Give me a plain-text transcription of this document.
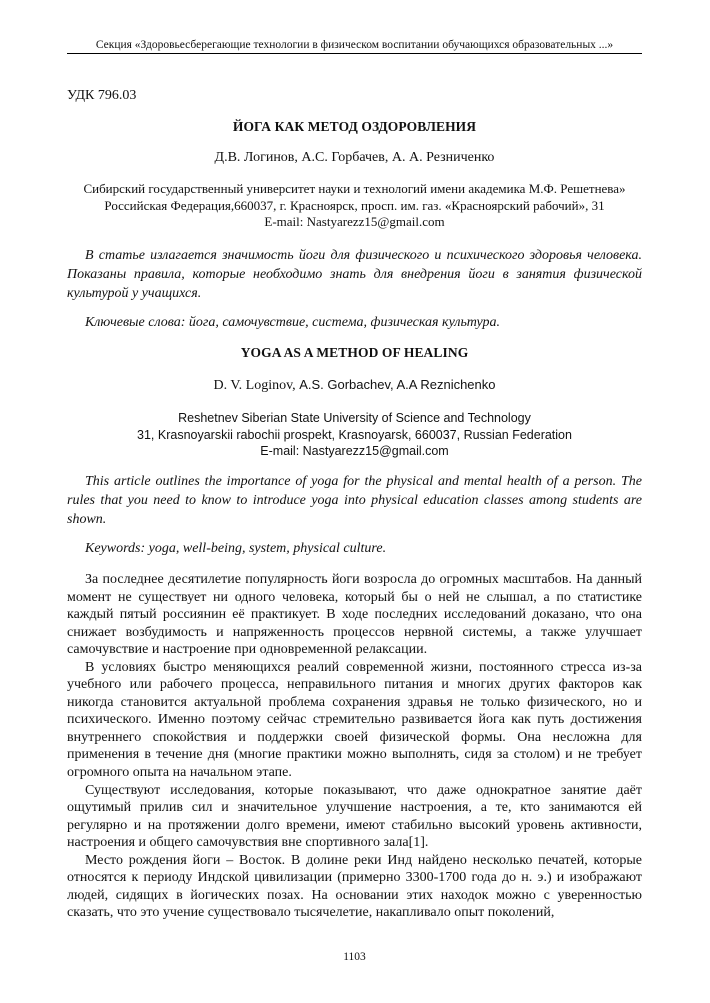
Секция «Здоровьесберегающие технологии в физическом воспитании обучающихся образовательных ...»
УДК 796.03
ЙОГА КАК МЕТОД ОЗДОРОВЛЕНИЯ
Д.В. Логинов, А.С. Горбачев, А. А. Резниченко
Сибирский государственный университет науки и технологий имени академика М.Ф. Решетнева»
Российская Федерация,660037, г. Красноярск, просп. им. газ. «Красноярский рабочий», 31
E-mail: Nastyarezz15@gmail.com

В статье излагается значимость йоги для физического и психического здоровья человека. Показаны правила, которые необходимо знать для внедрения йоги в занятия физической культурой у учащихся.

Ключевые слова: йога, самочувствие, система, физическая культура.

YOGA AS A METHOD OF HEALING
D. V. Loginov, A.S. Gorbachev, A.A Reznichenko
Reshetnev Siberian State University of Science and Technology
31, Krasnoyarskii rabochii prospekt, Krasnoyarsk, 660037, Russian Federation
E-mail: Nastyarezz15@gmail.com

This article outlines the importance of yoga for the physical and mental health of a person. The rules that you need to know to introduce yoga into physical education classes among students are shown.

Keywords: yoga, well-being, system, physical culture.

За последнее десятилетие популярность йоги возросла до огромных масштабов. На данный момент не существует ни одного человека, который бы о ней не слышал, а по статистике каждый пятый россиянин её практикует. В ходе последних исследований доказано, что она снижает возбудимость и напряженность процессов нервной системы, а также улучшает самочувствие и настроение при одновременной релаксации.

В условиях быстро меняющихся реалий современной жизни, постоянного стресса из-за учебного или рабочего процесса, неправильного питания и многих других факторов как никогда становится актуальной проблема сохранения здравья не только физического, но и психического. Именно поэтому сейчас стремительно развивается йога как путь достижения внутреннего спокойствия и поддержки своей физической формы. Она несложна для применения в течение дня (многие практики можно выполнять, сидя за столом) и не требует огромного опыта на начальном этапе.

Существуют исследования, которые показывают, что даже однократное занятие даёт ощутимый прилив сил и значительное улучшение настроения, а те, кто занимаются ей регулярно и на протяжении долго времени, имеют стабильно высокий уровень активности, настроения и общего самочувствия вне спортивного зала[1].

Место рождения йоги – Восток. В долине реки Инд найдено несколько печатей, которые относятся к периоду Индской цивилизации (примерно 3300-1700 года до н. э.) и изображают людей, сидящих в йогических позах. На основании этих находок можно с уверенностью сказать, что это учение существовало тысячелетие, накапливало опыт поколений,

1103
